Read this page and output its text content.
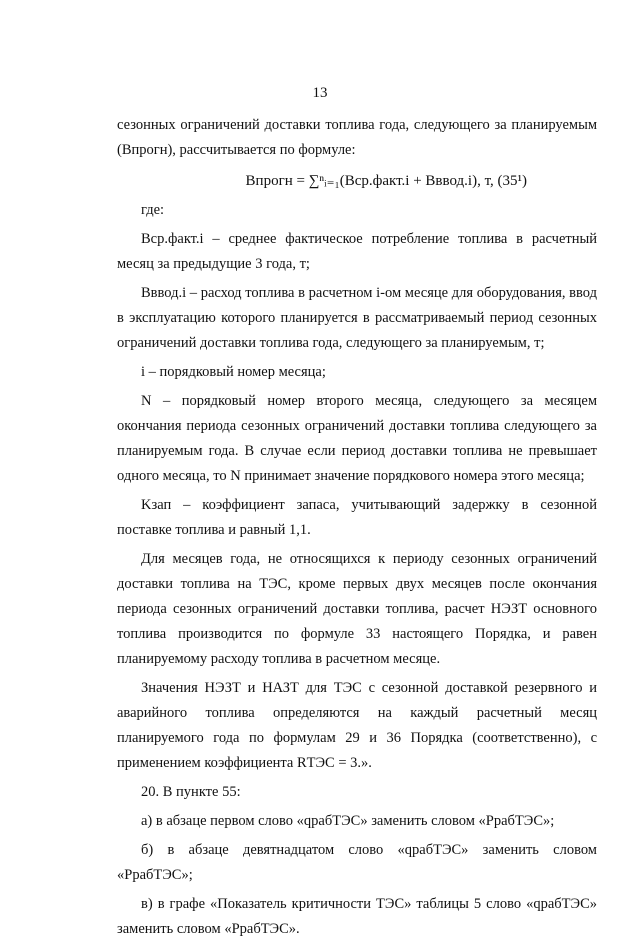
13

сезонных ограничений доставки топлива года, следующего за планируемым (Bпрогн), рассчитывается по формуле:

Bпрогн = ∑ⁿᵢ₌₁(Bср.факт.i + Bввод.i), т, (35¹)

где:

Bср.факт.i – среднее фактическое потребление топлива в расчетный месяц за предыдущие 3 года, т;

Bввод.i – расход топлива в расчетном i-ом месяце для оборудования, ввод в эксплуатацию которого планируется в рассматриваемый период сезонных ограничений доставки топлива года, следующего за планируемым, т;

i – порядковый номер месяца;

N – порядковый номер второго месяца, следующего за месяцем окончания периода сезонных ограничений доставки топлива следующего за планируемым года. В случае если период доставки топлива не превышает одного месяца, то N принимает значение порядкового номера этого месяца;

Kзап – коэффициент запаса, учитывающий задержку в сезонной поставке топлива и равный 1,1.

Для месяцев года, не относящихся к периоду сезонных ограничений доставки топлива на ТЭС, кроме первых двух месяцев после окончания периода сезонных ограничений доставки топлива, расчет НЭЗТ основного топлива производится по формуле 33 настоящего Порядка, и равен планируемому расходу топлива в расчетном месяце.

Значения НЭЗТ и НАЗТ для ТЭС с сезонной доставкой резервного и аварийного топлива определяются на каждый расчетный месяц планируемого года по формулам 29 и 36 Порядка (соответственно), с применением коэффициента RТЭС = 3.».

20. В пункте 55:

а) в абзаце первом слово «qрабТЭС» заменить словом «PрабТЭС»;

б) в абзаце девятнадцатом слово «qрабТЭС» заменить словом «PрабТЭС»;

в) в графе «Показатель критичности ТЭС» таблицы 5 слово «qрабТЭС» заменить словом «PрабТЭС».
